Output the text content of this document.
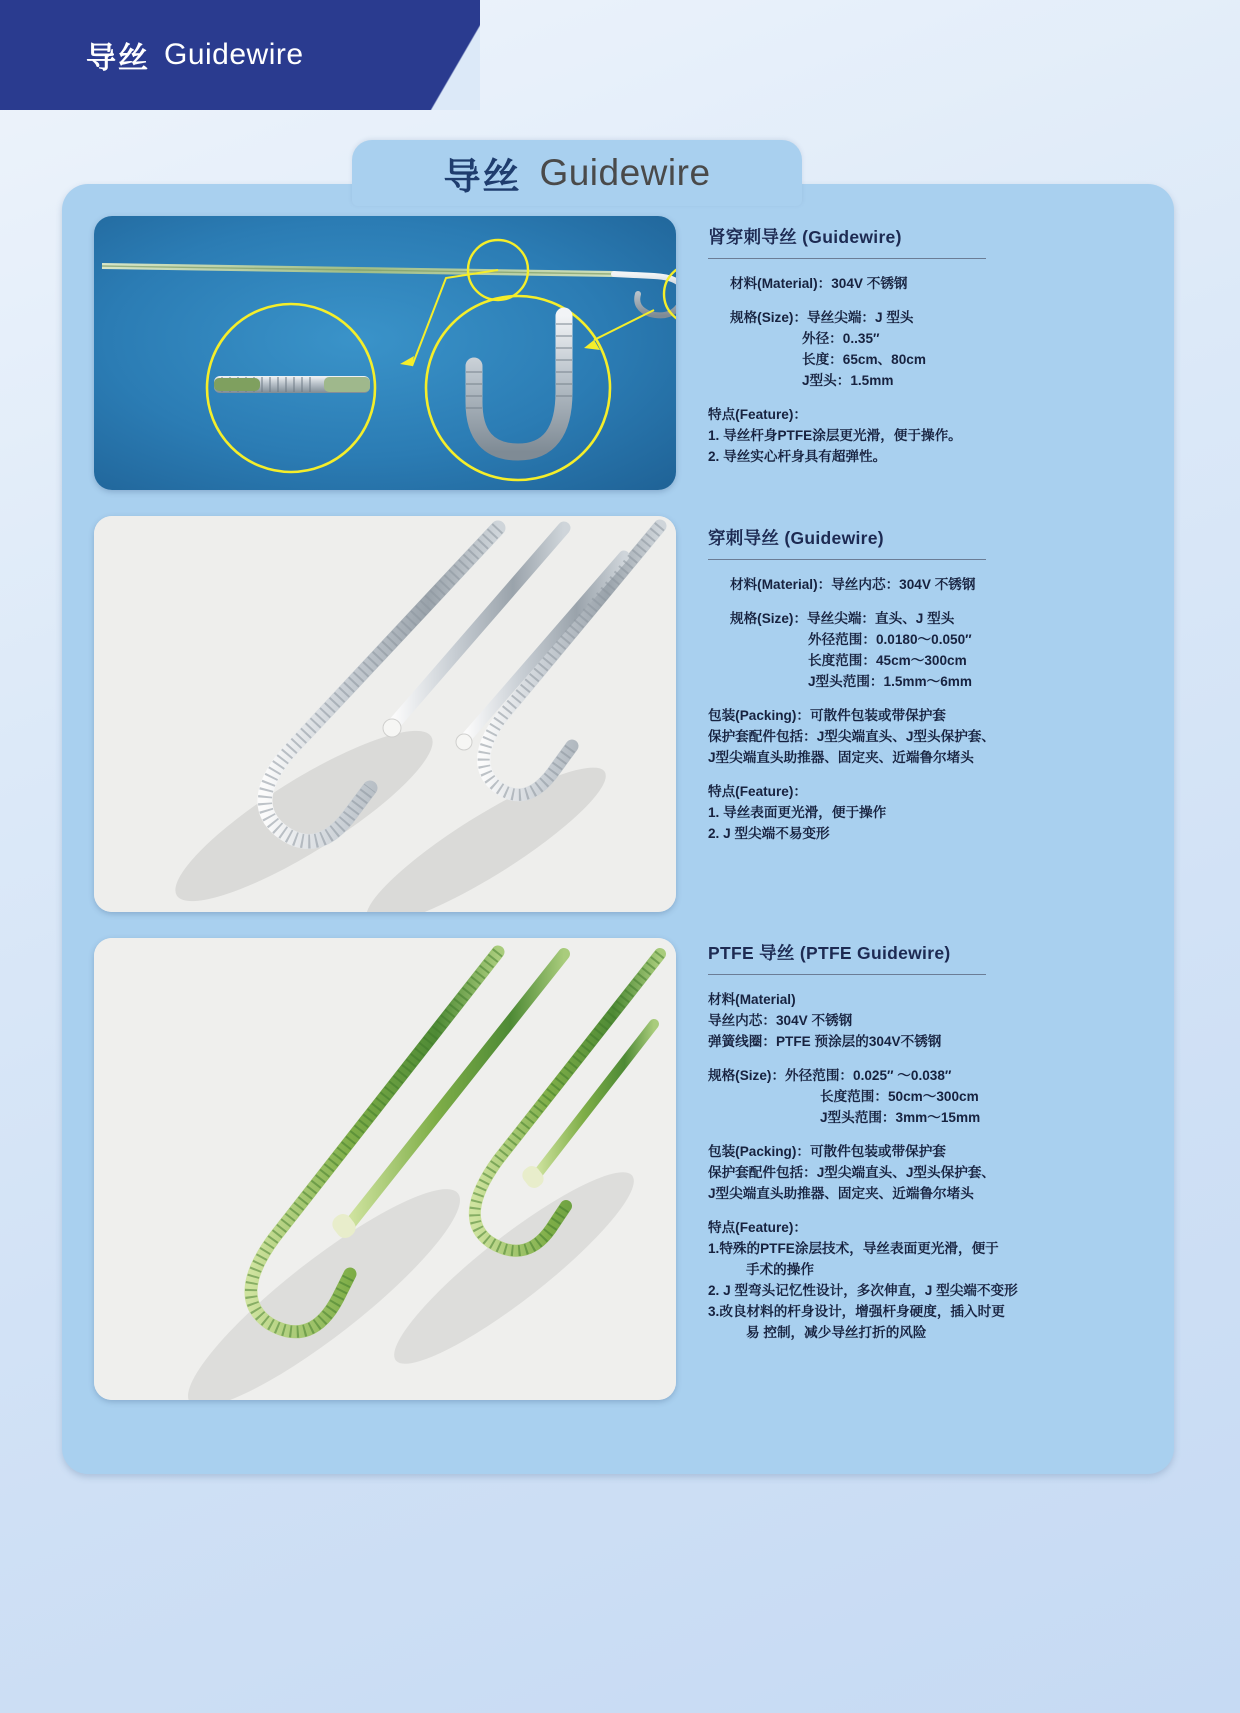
导丝 Guidewire
导丝 Guidewire
肾穿刺导丝 (Guidewire)
材料(Material)：304V 不锈钢
规格(Size)：导丝尖端：J 型头
外径：0..35″
长度：65cm、80cm
J型头：1.5mm
特点(Feature)：
1. 导丝杆身PTFE涂层更光滑，便于操作。
2. 导丝实心杆身具有超弹性。
穿刺导丝 (Guidewire)
材料(Material)：导丝内芯：304V 不锈钢
规格(Size)：导丝尖端：直头、J 型头
外径范围：0.0180～0.050″
长度范围：45cm～300cm
J型头范围：1.5mm～6mm
包装(Packing)：可散件包装或带保护套
保护套配件包括：J型尖端直头、J型头保护套、
J型尖端直头助推器、固定夹、近端鲁尔堵头
特点(Feature)：
1. 导丝表面更光滑，便于操作
2. J 型尖端不易变形
PTFE 导丝 (PTFE Guidewire)
材料(Material)
导丝内芯：304V 不锈钢
弹簧线圈：PTFE 预涂层的304V不锈钢
规格(Size)：外径范围：0.025″ ～0.038″
长度范围：50cm～300cm
J型头范围：3mm～15mm
包装(Packing)：可散件包装或带保护套
保护套配件包括：J型尖端直头、J型头保护套、
J型尖端直头助推器、固定夹、近端鲁尔堵头
特点(Feature)：
1.特殊的PTFE涂层技术，导丝表面更光滑，便于
手术的操作
2. J 型弯头记忆性设计，多次伸直，J 型尖端不变形
3.改良材料的杆身设计，增强杆身硬度，插入时更
易 控制，减少导丝打折的风险
